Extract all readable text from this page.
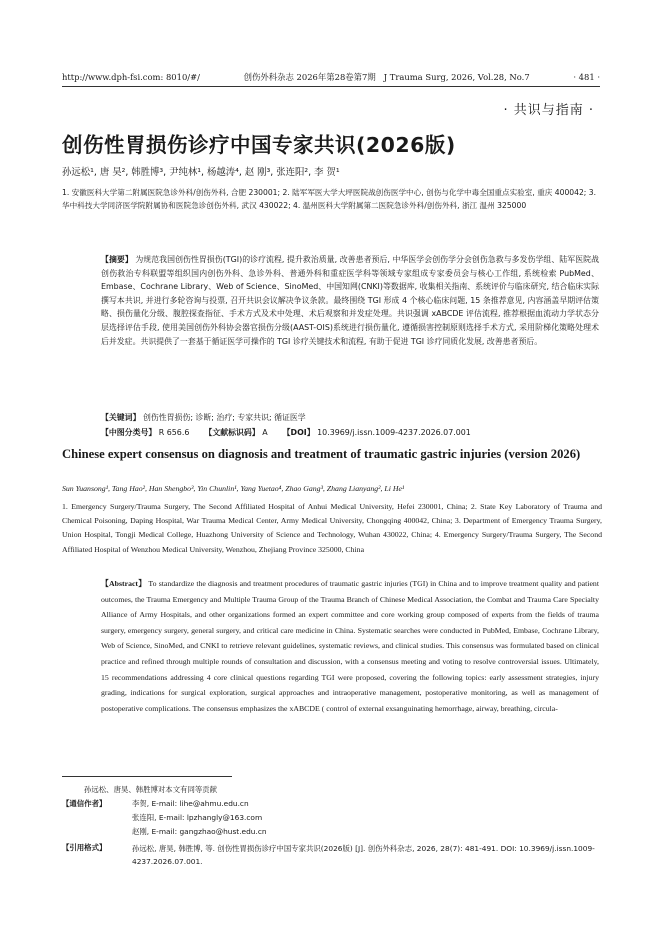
http://www.dph-fsi.com: 8010/#/	创伤外科杂志 2026年第28卷第7期 J Trauma Surg, 2026, Vol.28, No.7	· 481 ·
· 共识与指南 ·
创伤性胃损伤诊疗中国专家共识(2026版)
孙远松¹, 唐 昊², 韩胜博³, 尹纯林¹, 杨越涛⁴, 赵 刚³, 张连阳², 李 贺¹
1. 安徽医科大学第二附属医院急诊外科/创伤外科, 合肥 230001; 2. 陆军军医大学大坪医院战创伤医学中心, 创伤与化学中毒全国重点实验室, 重庆 400042; 3. 华中科技大学同济医学院附属协和医院急诊创伤外科, 武汉 430022; 4. 温州医科大学附属第二医院急诊外科/创伤外科, 浙江 温州 325000
【摘要】 为规范我国创伤性胃损伤(TGI)的诊疗流程, 提升救治质量, 改善患者预后, 中华医学会创伤学分会创伤急救与多发伤学组、陆军医院战创伤救治专科联盟等组织国内创伤外科、急诊外科、普通外科和重症医学科等领域专家组成专家委员会与核心工作组, 系统检索 PubMed、Embase、Cochrane Library、Web of Science、SinoMed、中国知网(CNKI)等数据库, 收集相关指南、系统评价与临床研究, 结合临床实际撰写本共识, 并进行多轮咨询与投票, 召开共识会议解决争议条款。最终围绕 TGI 形成 4 个核心临床问题, 15 条推荐意见, 内容涵盖早期评估策略、损伤量化分级、腹腔探查指征、手术方式及术中处理、术后观察和并发症处理。共识强调 xABCDE 评估流程, 推荐根据血流动力学状态分层选择评估手段, 使用美国创伤外科协会器官损伤分级(AAST-OIS)系统进行损伤量化, 遵循损害控制原则选择手术方式, 采用阶梯化策略处理术后并发症。共识提供了一套基于循证医学可操作的 TGI 诊疗关键技术和流程, 有助于促进 TGI 诊疗同质化发展, 改善患者预后。
【关键词】 创伤性胃损伤; 诊断; 治疗; 专家共识; 循证医学
【中图分类号】 R 656.6 【文献标识码】 A 【DOI】 10.3969/j.issn.1009-4237.2026.07.001
Chinese expert consensus on diagnosis and treatment of traumatic gastric injuries (version 2026)
Sun Yuansong¹, Tang Hao², Han Shengbo³, Yin Chunlin¹, Yang Yuetao⁴, Zhao Gang³, Zhang Lianyang², Li He¹
1. Emergency Surgery/Trauma Surgery, The Second Affiliated Hospital of Anhui Medical University, Hefei 230001, China; 2. State Key Laboratory of Trauma and Chemical Poisoning, Daping Hospital, War Trauma Medical Center, Army Medical University, Chongqing 400042, China; 3. Department of Emergency Trauma Surgery, Union Hospital, Tongji Medical College, Huazhong University of Science and Technology, Wuhan 430022, China; 4. Emergency Surgery/Trauma Surgery, The Second Affiliated Hospital of Wenzhou Medical University, Wenzhou, Zhejiang Province 325000, China
【Abstract】 To standardize the diagnosis and treatment procedures of traumatic gastric injuries (TGI) in China and to improve treatment quality and patient outcomes, the Trauma Emergency and Multiple Trauma Group of the Trauma Branch of Chinese Medical Association, the Combat and Trauma Care Specialty Alliance of Army Hospitals, and other organizations formed an expert committee and core working group composed of experts from the fields of trauma surgery, emergency surgery, general surgery, and critical care medicine in China. Systematic searches were conducted in PubMed, Embase, Cochrane Library, Web of Science, SinoMed, and CNKI to retrieve relevant guidelines, systematic reviews, and clinical studies. This consensus was formulated based on clinical practice and refined through multiple rounds of consultation and discussion, with a consensus meeting and voting to resolve controversial issues. Ultimately, 15 recommendations addressing 4 core clinical questions regarding TGI were proposed, covering the following topics: early assessment strategies, injury grading, indications for surgical exploration, surgical approaches and intraoperative management, postoperative monitoring, as well as management of postoperative complications. The consensus emphasizes the xABCDE ( control of external exsanguinating hemorrhage, airway, breathing, circula-
孙远松、唐昊、韩胜博对本文有同等贡献
【通信作者】	李贺, E-mail: lihe@ahmu.edu.cn
张连阳, E-mail: lpzhangly@163.com
赵刚, E-mail: gangzhao@hust.edu.cn
【引用格式】	孙远松, 唐昊, 韩胜博, 等. 创伤性胃损伤诊疗中国专家共识(2026版) [J]. 创伤外科杂志, 2026, 28(7): 481-491. DOI: 10.3969/j.issn.1009-4237.2026.07.001.
